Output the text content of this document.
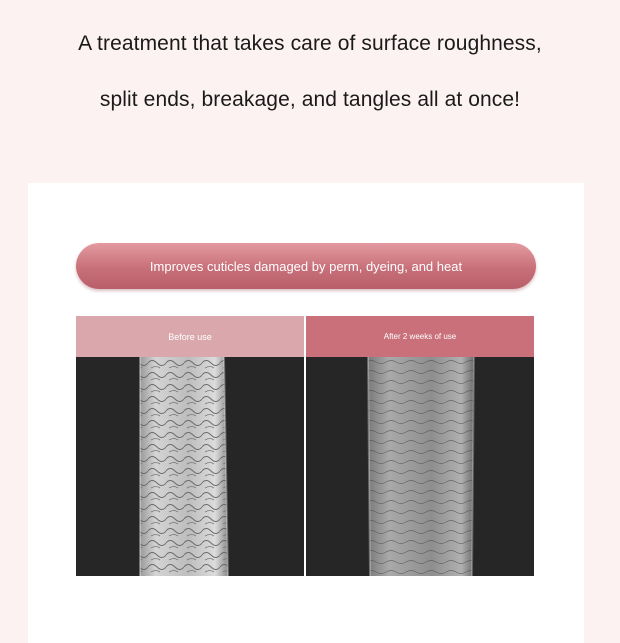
A treatment that takes care of surface roughness,
split ends, breakage, and tangles all at once!
Improves cuticles damaged by perm, dyeing, and heat
Before use	After 2 weeks of use
